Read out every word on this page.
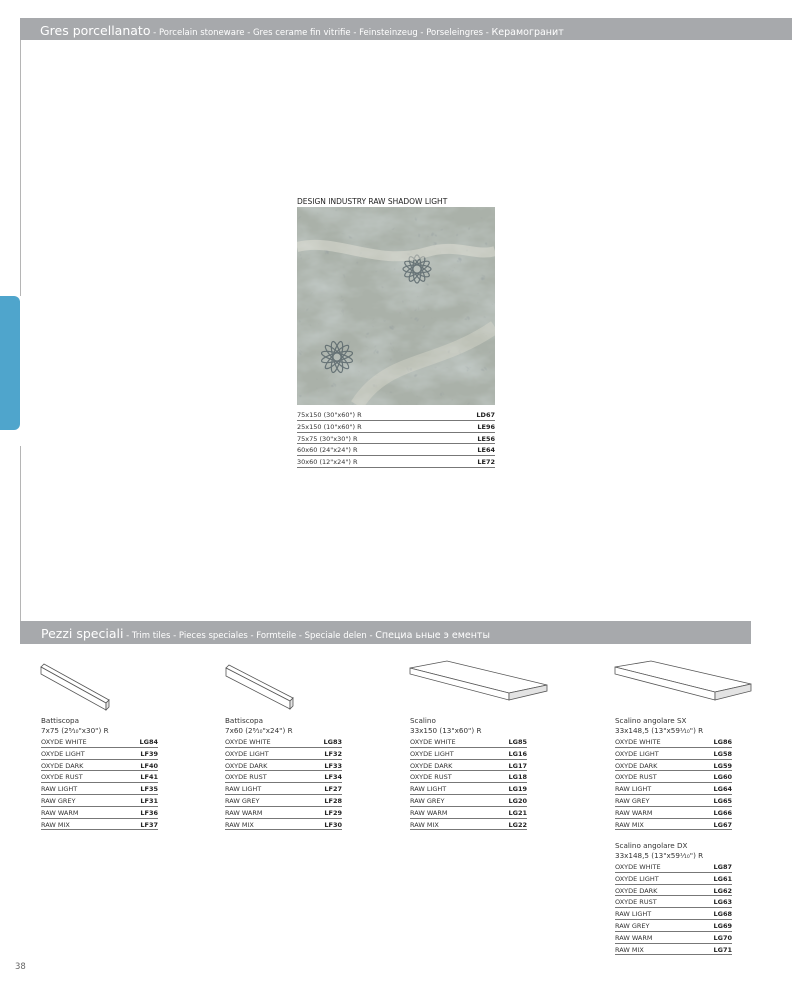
Gres porcellanato - Porcelain stoneware - Gres cerame fin vitrifie - Feinsteinzeug - Porseleingres - Керамогранит
DESIGN INDUSTRY RAW SHADOW LIGHT
75x150 (30"x60") R	LD67
25x150 (10"x60") R	LE96
75x75 (30"x30") R	LE56
60x60 (24"x24") R	LE64
30x60 (12"x24") R	LE72
Pezzi speciali - Trim tiles - Pieces speciales - Formteile - Speciale delen - Специа ьные э ементы
Battiscopa
7x75 (2⁸⁄₁₀"x30") R
OXYDE WHITE	LG84
OXYDE LIGHT	LF39
OXYDE DARK	LF40
OXYDE RUST	LF41
RAW LIGHT	LF35
RAW GREY	LF31
RAW WARM	LF36
RAW MIX	LF37
Battiscopa
7x60 (2⁸⁄₁₀"x24") R
OXYDE WHITE	LG83
OXYDE LIGHT	LF32
OXYDE DARK	LF33
OXYDE RUST	LF34
RAW LIGHT	LF27
RAW GREY	LF28
RAW WARM	LF29
RAW MIX	LF30
Scalino
33x150 (13"x60") R
OXYDE WHITE	LG85
OXYDE LIGHT	LG16
OXYDE DARK	LG17
OXYDE RUST	LG18
RAW LIGHT	LG19
RAW GREY	LG20
RAW WARM	LG21
RAW MIX	LG22
Scalino angolare SX
33x148,5 (13"x59¹⁄₁₀") R
OXYDE WHITE	LG86
OXYDE LIGHT	LG58
OXYDE DARK	LG59
OXYDE RUST	LG60
RAW LIGHT	LG64
RAW GREY	LG65
RAW WARM	LG66
RAW MIX	LG67
Scalino angolare DX
33x148,5 (13"x59¹⁄₁₀") R
OXYDE WHITE	LG87
OXYDE LIGHT	LG61
OXYDE DARK	LG62
OXYDE RUST	LG63
RAW LIGHT	LG68
RAW GREY	LG69
RAW WARM	LG70
RAW MIX	LG71
38
